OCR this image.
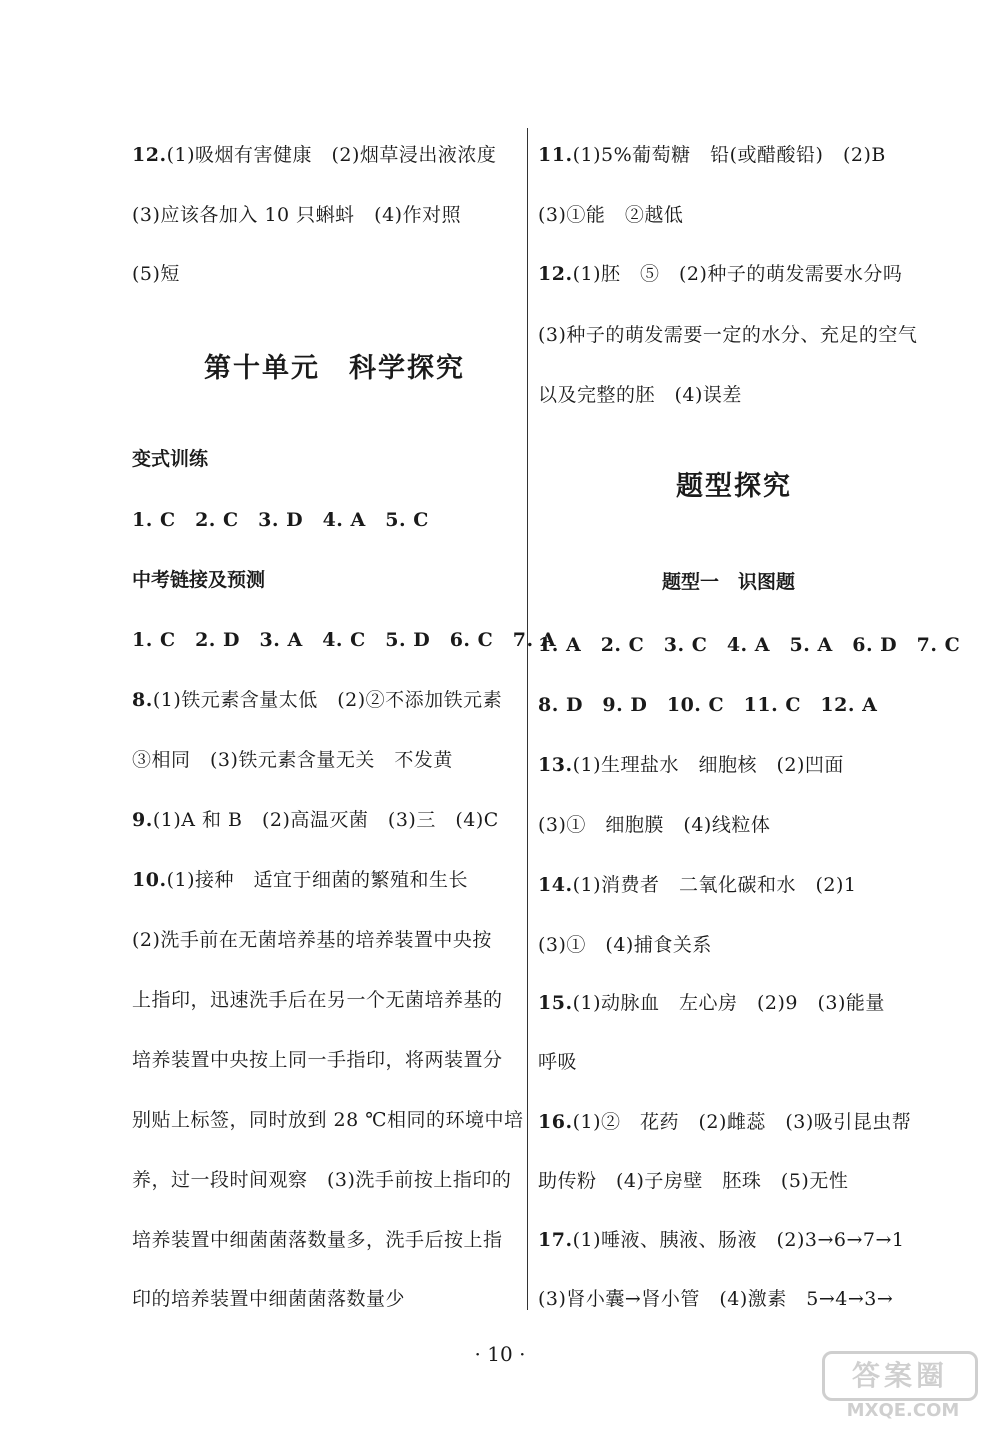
12.(1)吸烟有害健康　(2)烟草浸出液浓度
(3)应该各加入 10 只蝌蚪　(4)作对照
(5)短
第十单元　科学探究
变式训练
1. C　2. C　3. D　4. A　5. C
中考链接及预测
1. C　2. D　3. A　4. C　5. D　6. C　7. A
8.(1)铁元素含量太低　(2)②不添加铁元素
③相同　(3)铁元素含量无关　不发黄
9.(1)A 和 B　(2)高温灭菌　(3)三　(4)C
10.(1)接种　适宜于细菌的繁殖和生长
(2)洗手前在无菌培养基的培养装置中央按
上指印，迅速洗手后在另一个无菌培养基的
培养装置中央按上同一手指印，将两装置分
别贴上标签，同时放到 28 ℃相同的环境中培
养，过一段时间观察　(3)洗手前按上指印的
培养装置中细菌菌落数量多，洗手后按上指
印的培养装置中细菌菌落数量少
11.(1)5%葡萄糖　铅(或醋酸铅)　(2)B
(3)①能　②越低
12.(1)胚　⑤　(2)种子的萌发需要水分吗
(3)种子的萌发需要一定的水分、充足的空气
以及完整的胚　(4)误差
题型探究
题型一　识图题
1. A　2. C　3. C　4. A　5. A　6. D　7. C
8. D　9. D　10. C　11. C　12. A
13.(1)生理盐水　细胞核　(2)凹面
(3)①　细胞膜　(4)线粒体
14.(1)消费者　二氧化碳和水　(2)1
(3)①　(4)捕食关系
15.(1)动脉血　左心房　(2)9　(3)能量
呼吸
16.(1)②　花药　(2)雌蕊　(3)吸引昆虫帮
助传粉　(4)子房壁　胚珠　(5)无性
17.(1)唾液、胰液、肠液　(2)3→6→7→1
(3)肾小囊→肾小管　(4)激素　5→4→3→
· 10 ·
答案圈
MXQE.COM
